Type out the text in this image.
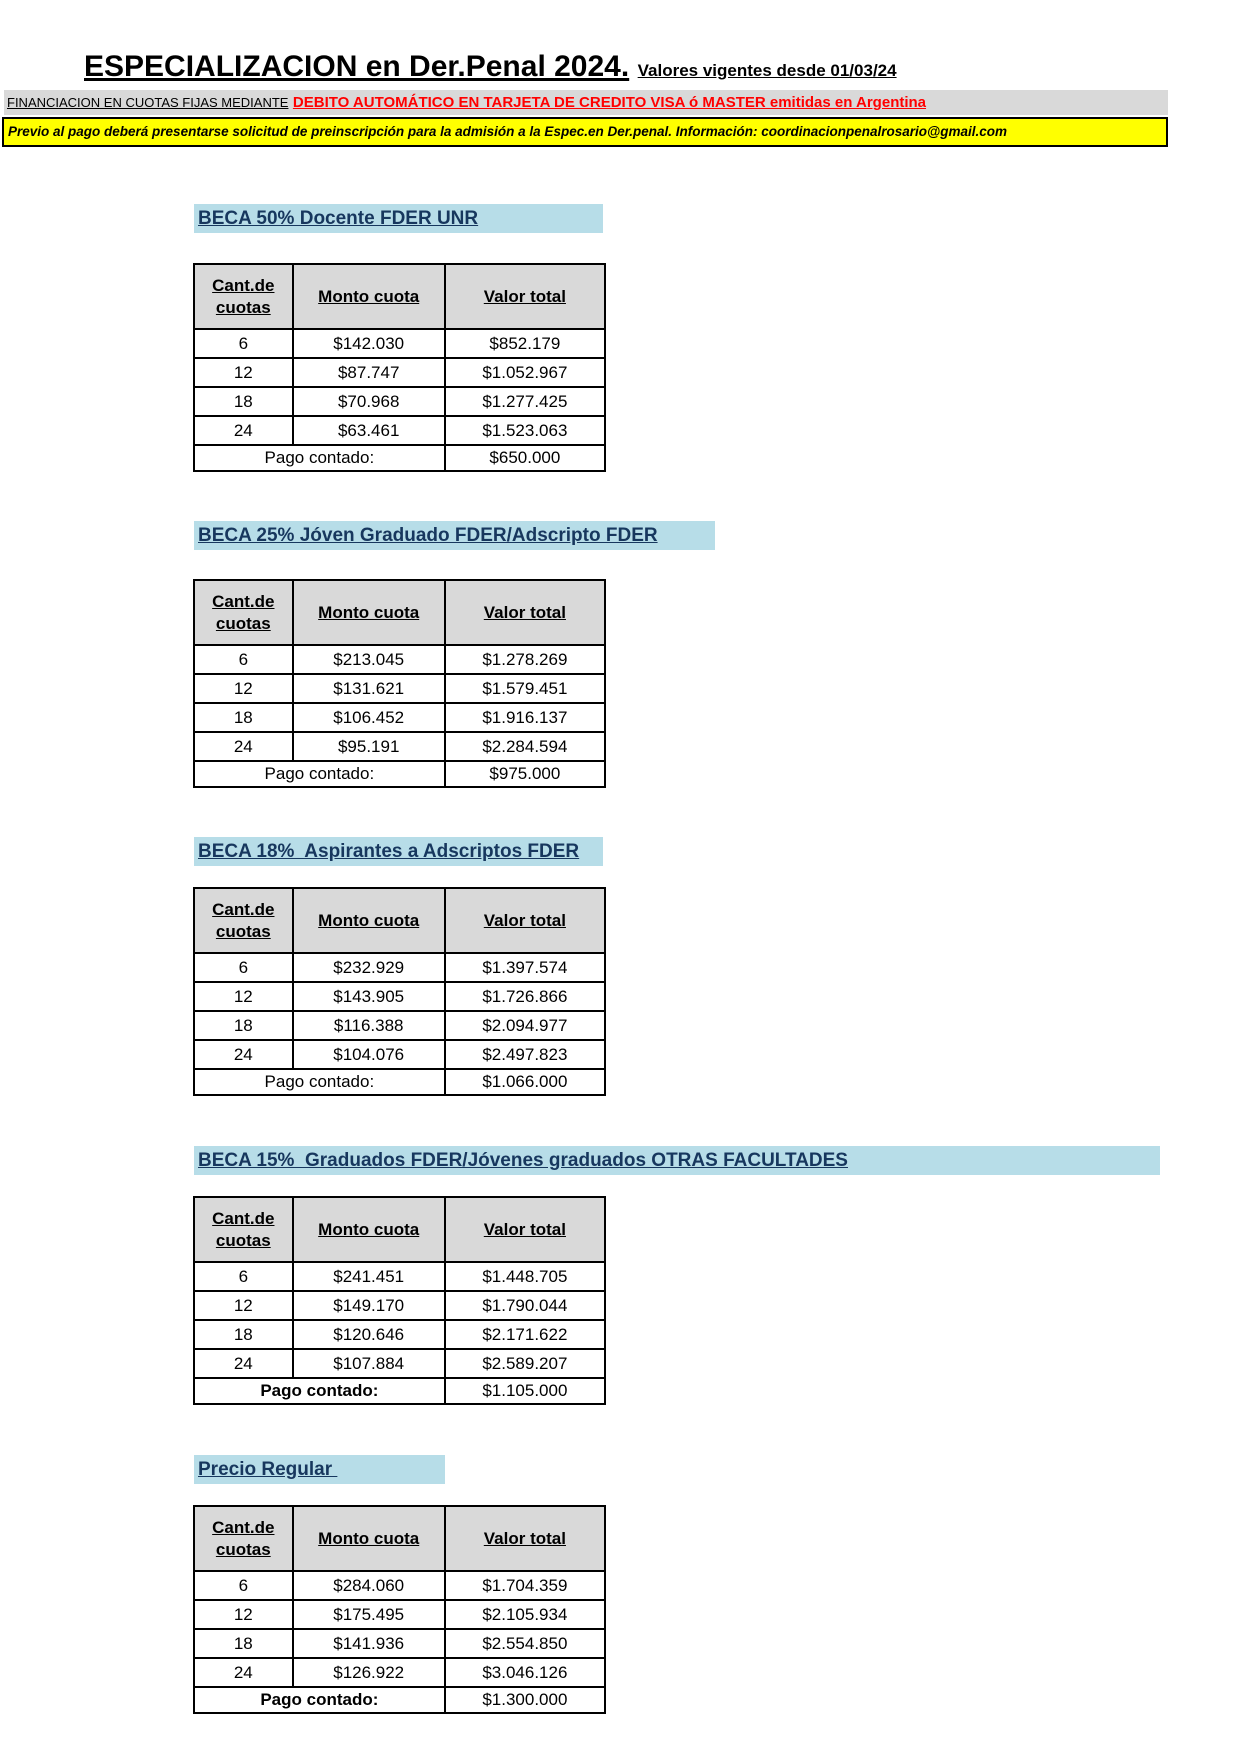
ESPECIALIZACION en Der.Penal 2024. Valores vigentes desde 01/03/24
FINANCIACION EN CUOTAS FIJAS MEDIANTE DEBITO AUTOMÁTICO EN TARJETA DE CREDITO VISA ó MASTER emitidas en Argentina
Previo al pago deberá presentarse solicitud de preinscripción para la admisión a la Espec.en Der.penal. Información: coordinacionpenalrosario@gmail.com
BECA 50% Docente FDER UNR
Cant.de
cuotas	Monto cuota	Valor total
6	$142.030	$852.179
12	$87.747	$1.052.967
18	$70.968	$1.277.425
24	$63.461	$1.523.063
Pago contado:		$650.000
BECA 25% Jóven Graduado FDER/Adscripto FDER
Cant.de
cuotas	Monto cuota	Valor total
6	$213.045	$1.278.269
12	$131.621	$1.579.451
18	$106.452	$1.916.137
24	$95.191	$2.284.594
Pago contado:		$975.000
BECA 18%  Aspirantes a Adscriptos FDER
Cant.de
cuotas	Monto cuota	Valor total
6	$232.929	$1.397.574
12	$143.905	$1.726.866
18	$116.388	$2.094.977
24	$104.076	$2.497.823
Pago contado:		$1.066.000
BECA 15%  Graduados FDER/Jóvenes graduados OTRAS FACULTADES
Cant.de
cuotas	Monto cuota	Valor total
6	$241.451	$1.448.705
12	$149.170	$1.790.044
18	$120.646	$2.171.622
24	$107.884	$2.589.207
Pago contado:		$1.105.000
Precio Regular
Cant.de
cuotas	Monto cuota	Valor total
6	$284.060	$1.704.359
12	$175.495	$2.105.934
18	$141.936	$2.554.850
24	$126.922	$3.046.126
Pago contado:		$1.300.000
